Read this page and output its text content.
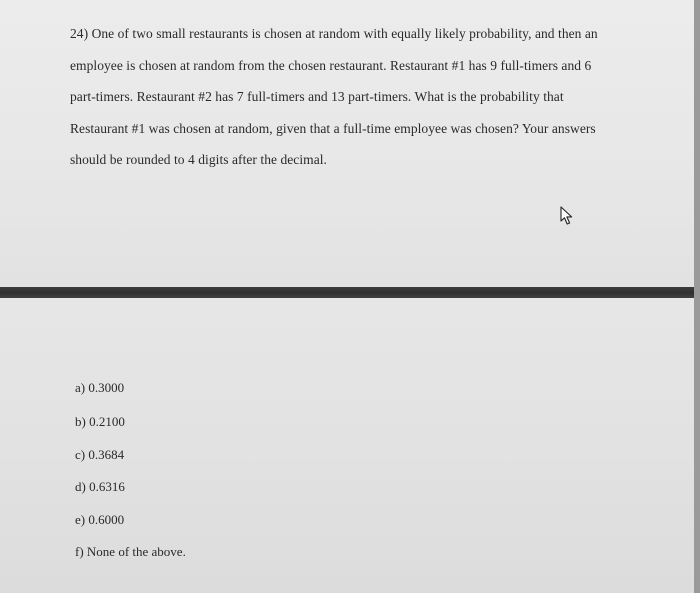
24) One of two small restaurants is chosen at random with equally likely probability, and then an
employee is chosen at random from the chosen restaurant. Restaurant #1 has 9 full-timers and 6
part-timers. Restaurant #2 has 7 full-timers and 13 part-timers. What is the probability that
Restaurant #1 was chosen at random, given that a full-time employee was chosen? Your answers
should be rounded to 4 digits after the decimal.
a) 0.3000
b) 0.2100
c) 0.3684
d) 0.6316
e) 0.6000
f) None of the above.
